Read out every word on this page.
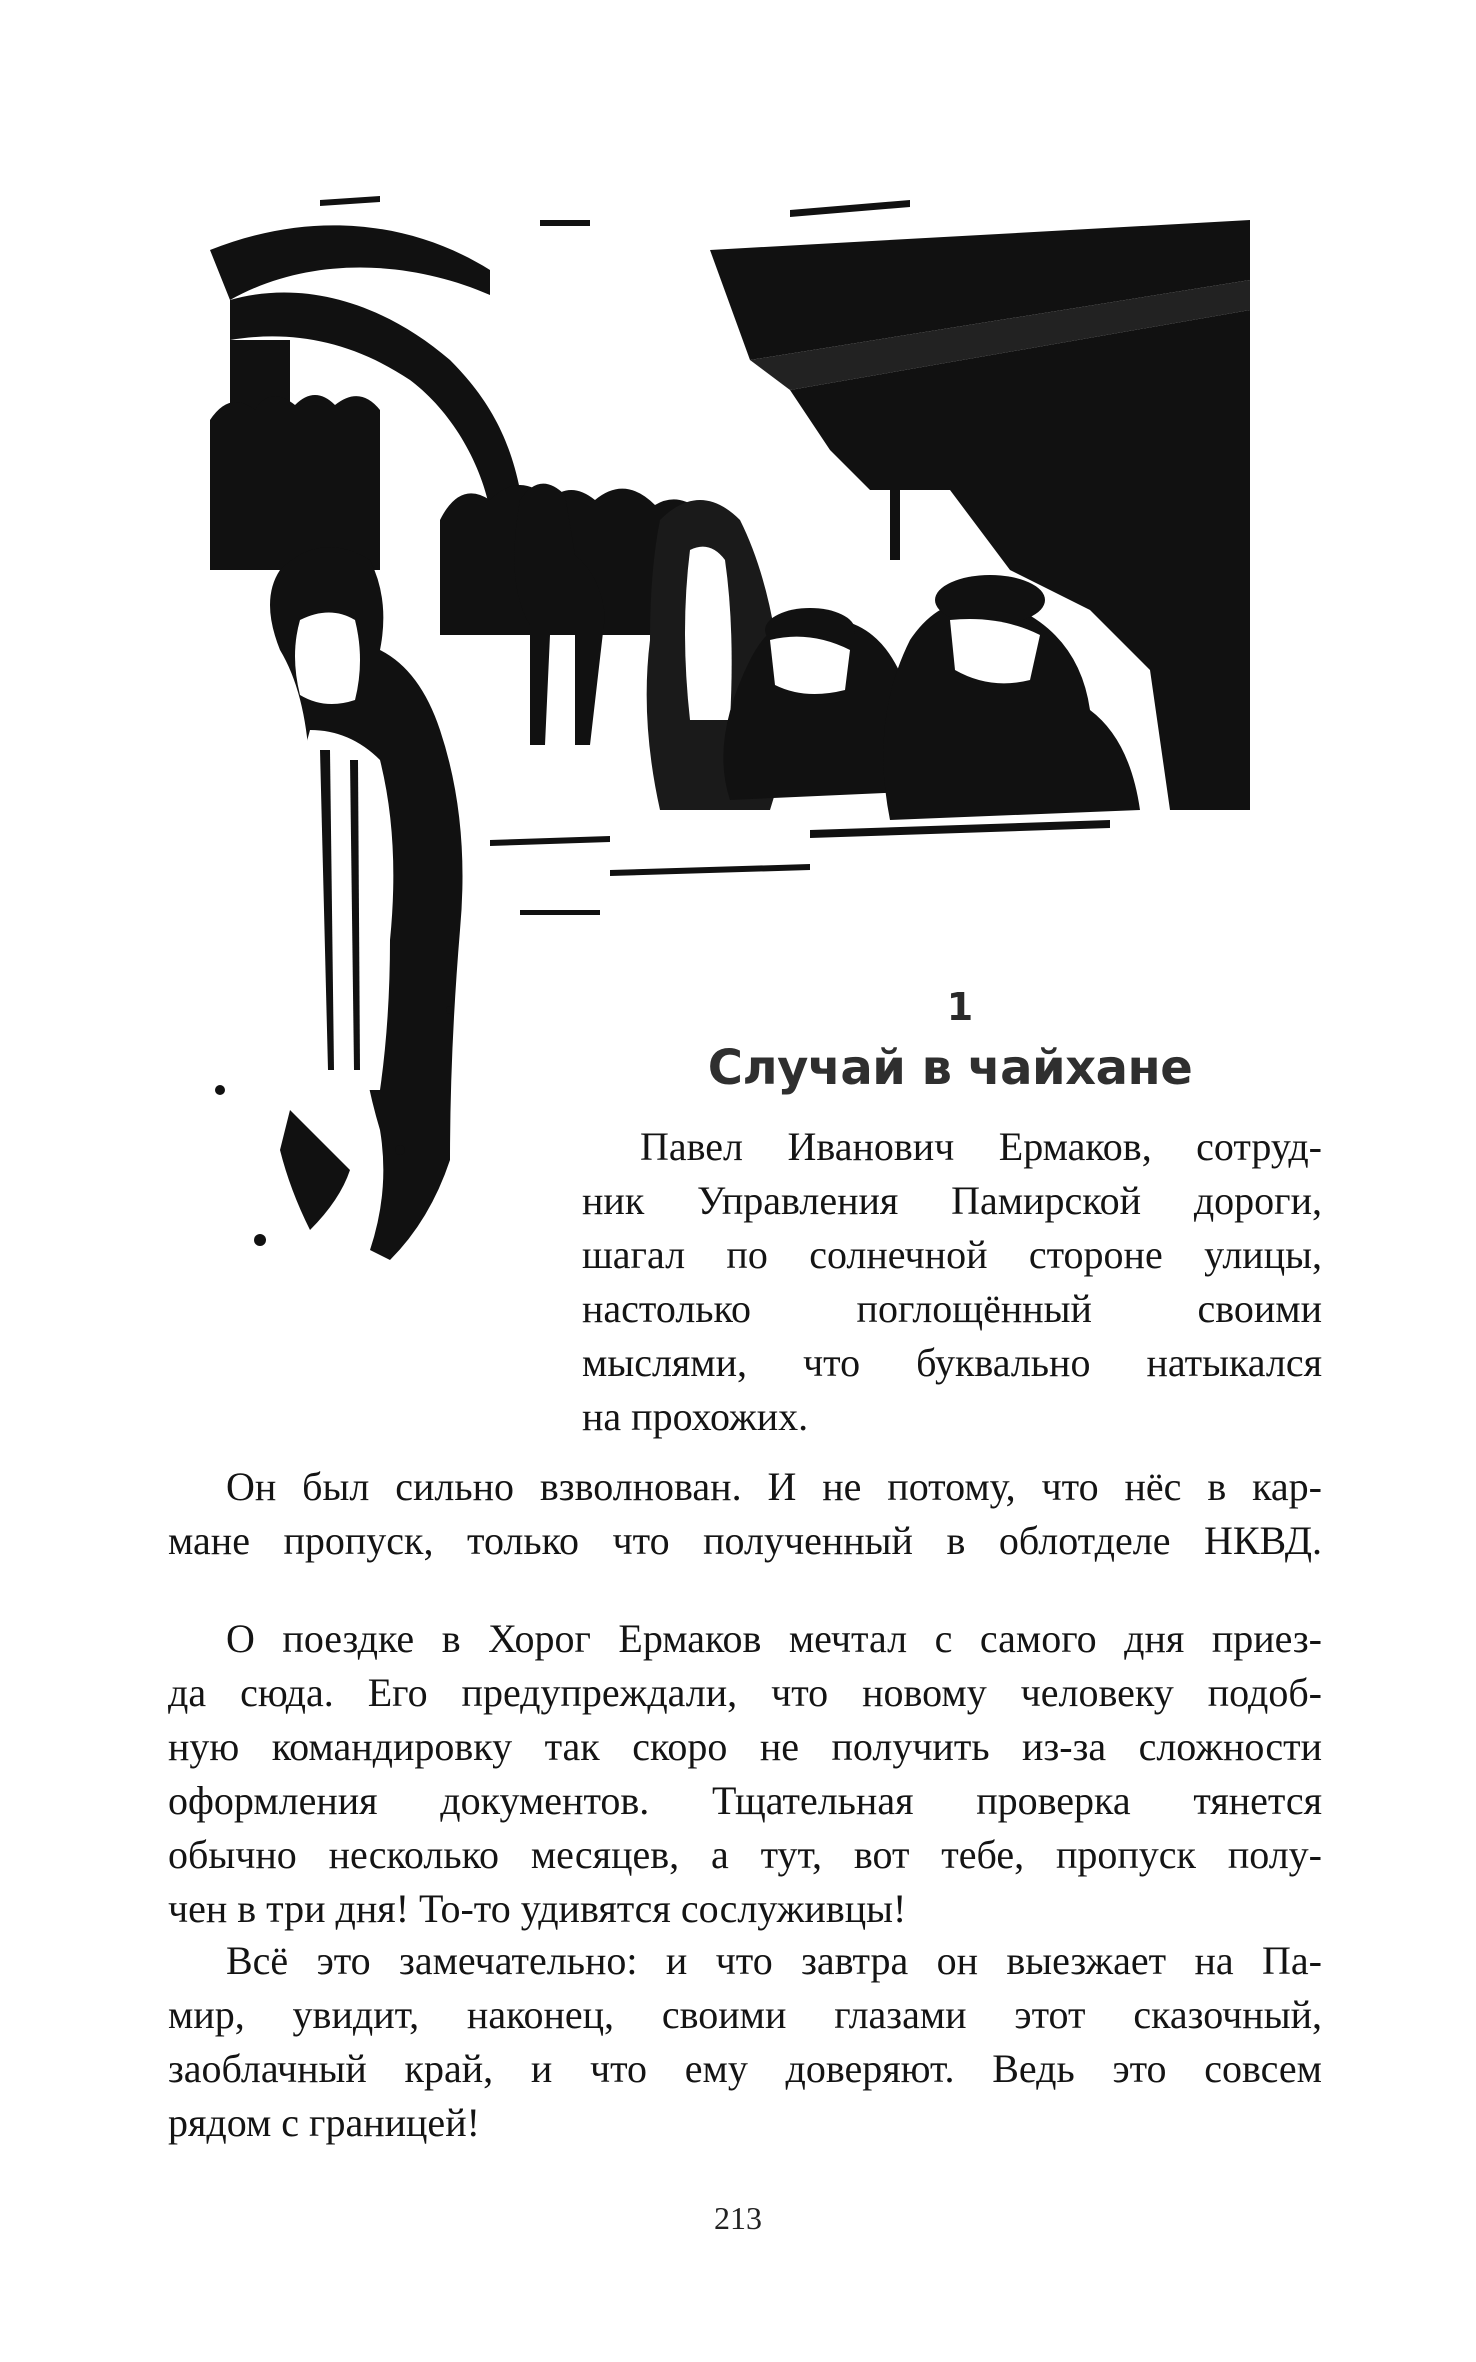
1
Случай в чайхане
Павел Иванович Ермаков, сотруд-
ник Управления Памирской дороги,
шагал по солнечной стороне улицы,
настолько поглощённый своими
мыслями, что буквально натыкался
на прохожих.
Он был сильно взволнован. И не потому, что нёс в кар-
мане пропуск, только что полученный в облотделе НКВД.
О поездке в Хорог Ермаков мечтал с самого дня приез-
да сюда. Его предупреждали, что новому человеку подоб-
ную командировку так скоро не получить из-за сложности
оформления документов. Тщательная проверка тянется
обычно несколько месяцев, а тут, вот тебе, пропуск полу-
чен в три дня! То-то удивятся сослуживцы!
Всё это замечательно: и что завтра он выезжает на Па-
мир, увидит, наконец, своими глазами этот сказочный,
заоблачный край, и что ему доверяют. Ведь это совсем
рядом с границей!
213
